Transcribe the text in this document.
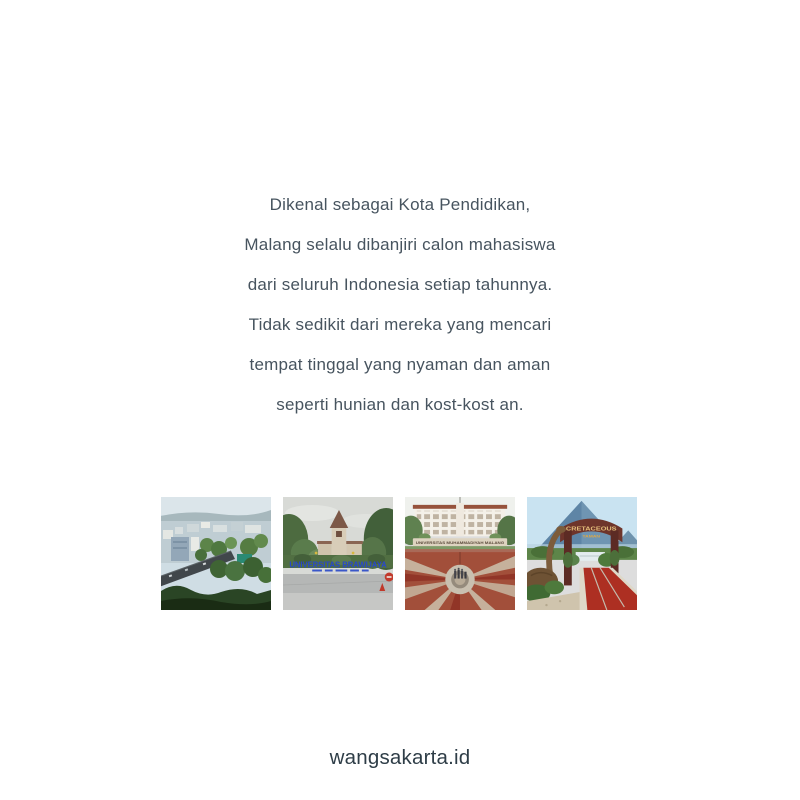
Dikenal sebagai Kota Pendidikan,
Malang selalu dibanjiri calon mahasiswa
dari seluruh Indonesia setiap tahunnya.
Tidak sedikit dari mereka yang mencari
tempat tinggal yang nyaman dan aman
seperti hunian dan kost-kost an.
UNIVERSITAS BRAWIJAYA
UNIVERSITAS MUHAMMADIYAH MALANG
CRETACEOUS
TAMAN
wangsakarta.id
